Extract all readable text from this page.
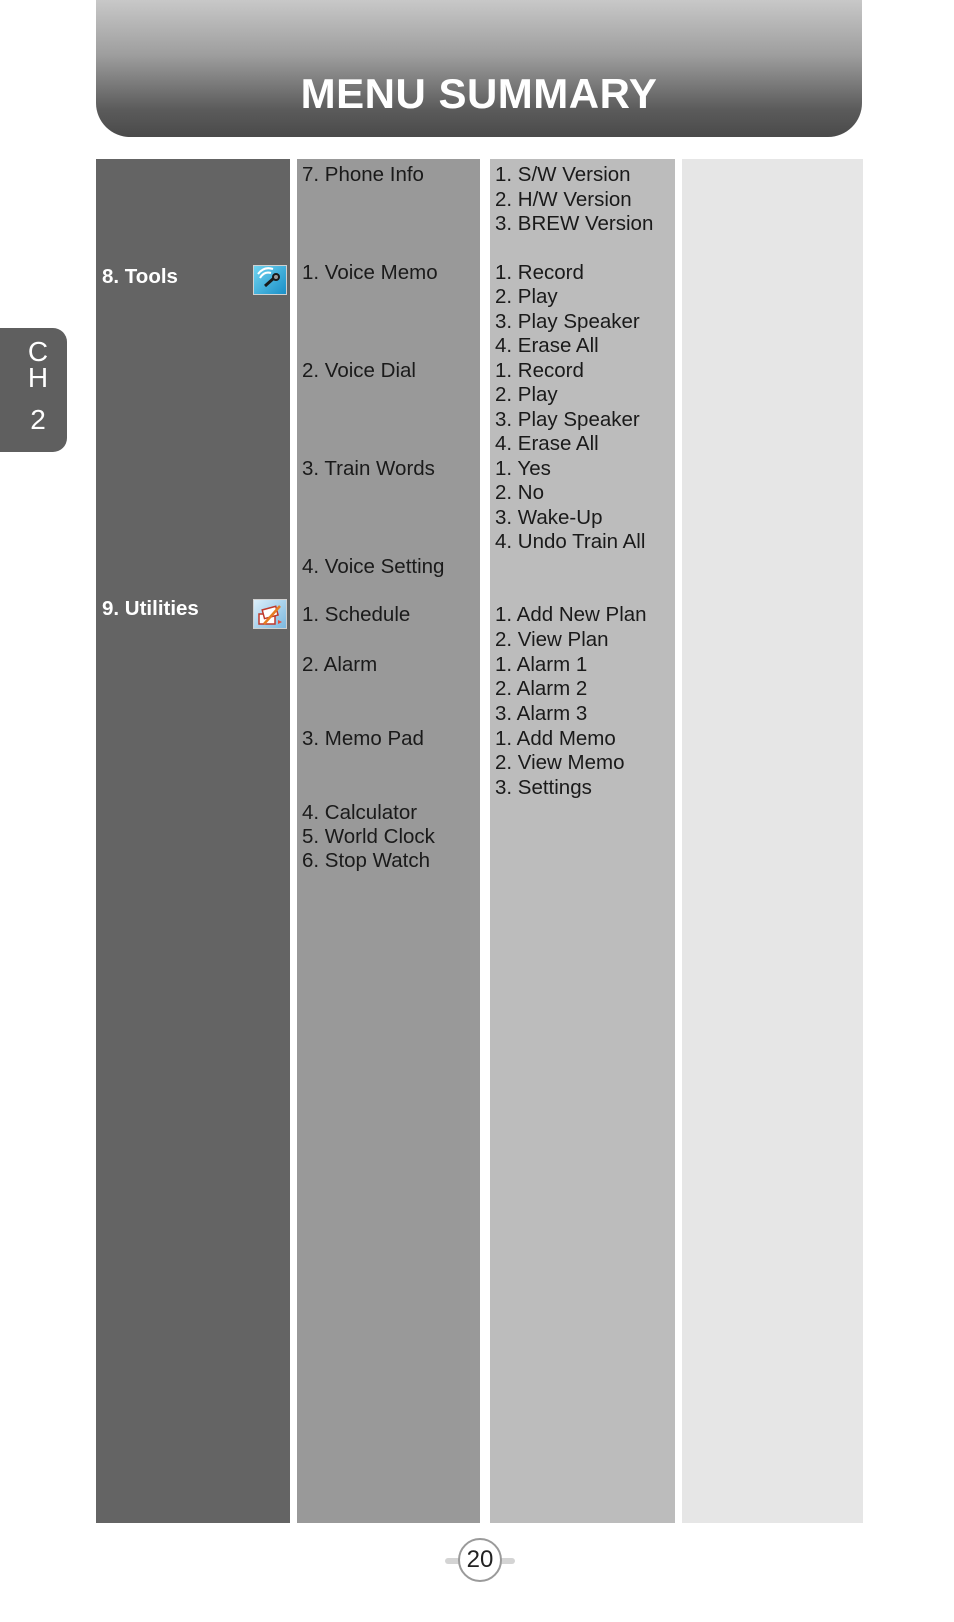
MENU SUMMARY
C
H
2
8. Tools
9. Utilities
7. Phone Info
1. Voice Memo
2. Voice Dial
3. Train Words
4. Voice Setting
1. Schedule
2. Alarm
3. Memo Pad
4. Calculator
5. World Clock
6. Stop Watch
1. S/W Version
2. H/W Version
3. BREW Version
1. Record
2. Play
3. Play Speaker
4. Erase All
1. Record
2. Play
3. Play Speaker
4. Erase All
1. Yes
2. No
3. Wake-Up
4. Undo Train All
1. Add New Plan
2. View Plan
1. Alarm 1
2. Alarm 2
3. Alarm 3
1. Add Memo
2. View Memo
3. Settings
20
